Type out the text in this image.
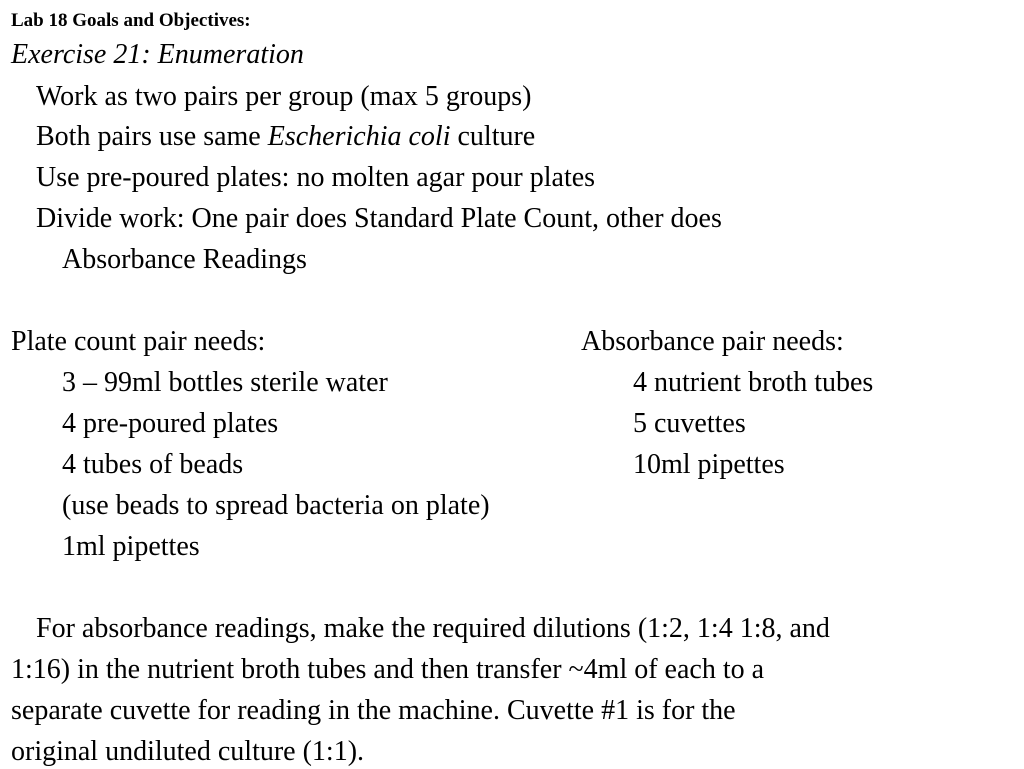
Lab 18 Goals and Objectives:
Exercise 21: Enumeration
Work as two pairs per group (max 5 groups)
Both pairs use same Escherichia coli culture
Use pre-poured plates: no molten agar pour plates
Divide work: One pair does Standard Plate Count, other does
Absorbance Readings
Plate count pair needs:
3 – 99ml bottles sterile water
4 pre-poured plates
4 tubes of beads
(use beads to spread bacteria on plate)
1ml pipettes
Absorbance pair needs:
4 nutrient broth tubes
5 cuvettes
10ml pipettes
For absorbance readings, make the required dilutions (1:2, 1:4 1:8, and
1:16) in the nutrient broth tubes and then transfer ~4ml of each to a
separate cuvette for reading in the machine. Cuvette #1 is for the
original undiluted culture (1:1).
